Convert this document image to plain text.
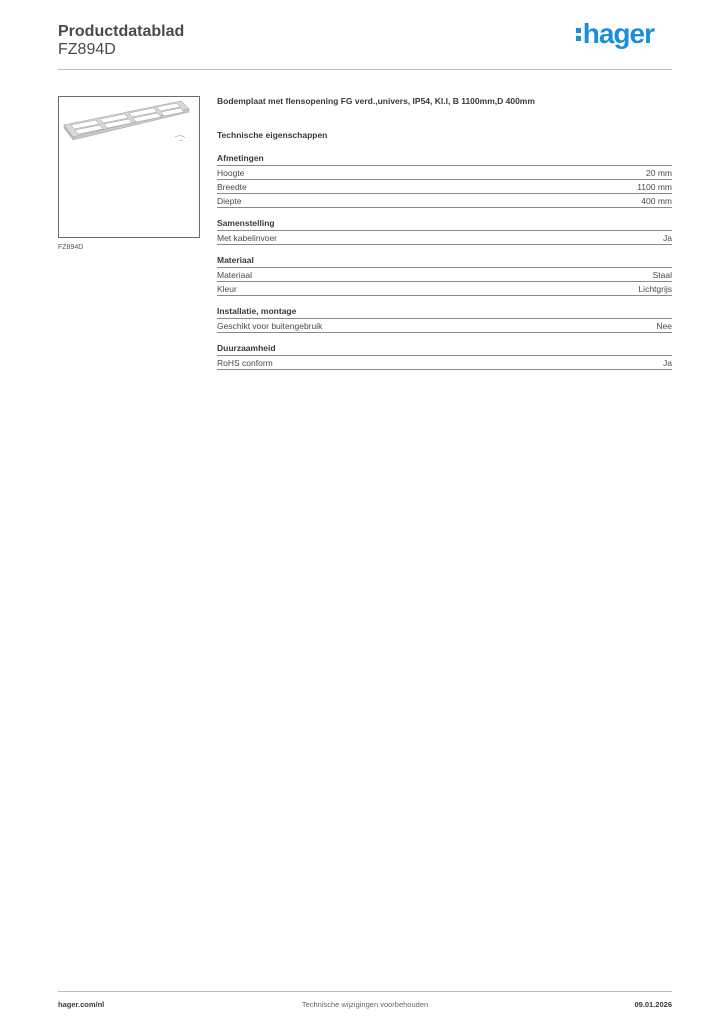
Productdatablad
FZ894D
hager
FZ894D

Bodemplaat met flensopening FG verd.,univers, IP54, Kl.I, B 1100mm,D 400mm

Technische eigenschappen

Afmetingen
Hoogte	20 mm
Breedte	1100 mm
Diepte	400 mm
Samenstelling
Met kabelinvoer	Ja
Materiaal
Materiaal	Staal
Kleur	Lichtgrijs
Installatie, montage
Geschikt voor buitengebruik	Nee
Duurzaamheid
RoHS conform	Ja
hager.com/nl	Technische wijzigingen voorbehouden	09.01.2026
